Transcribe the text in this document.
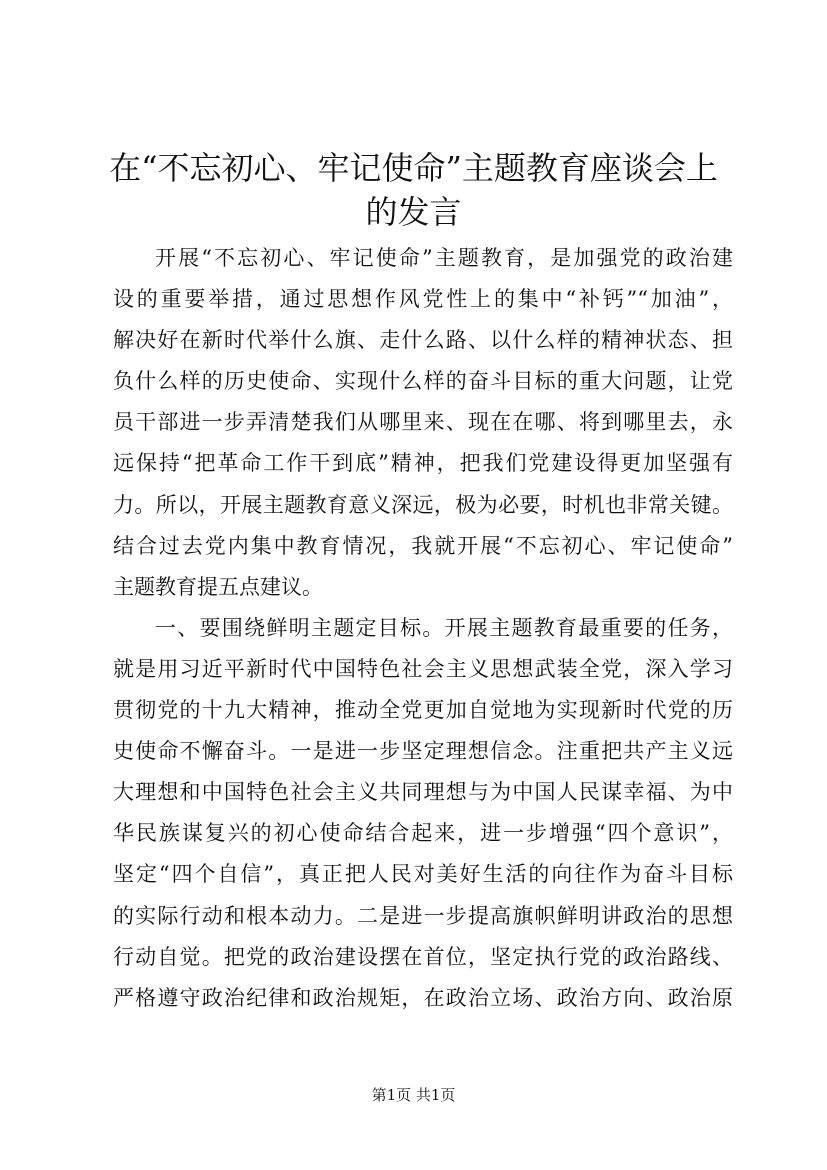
在“不忘初心、牢记使命”主题教育座谈会上
的发言
开展“不忘初心、牢记使命”主题教育，是加强党的政治建
设的重要举措，通过思想作风党性上的集中“补钙”“加油”，
解决好在新时代举什么旗、走什么路、以什么样的精神状态、担
负什么样的历史使命、实现什么样的奋斗目标的重大问题，让党
员干部进一步弄清楚我们从哪里来、现在在哪、将到哪里去，永
远保持“把革命工作干到底”精神，把我们党建设得更加坚强有
力。所以，开展主题教育意义深远，极为必要，时机也非常关键。
结合过去党内集中教育情况，我就开展“不忘初心、牢记使命”
主题教育提五点建议。
一、要围绕鲜明主题定目标。开展主题教育最重要的任务，
就是用习近平新时代中国特色社会主义思想武装全党，深入学习
贯彻党的十九大精神，推动全党更加自觉地为实现新时代党的历
史使命不懈奋斗。一是进一步坚定理想信念。注重把共产主义远
大理想和中国特色社会主义共同理想与为中国人民谋幸福、为中
华民族谋复兴的初心使命结合起来，进一步增强“四个意识”，
坚定“四个自信”，真正把人民对美好生活的向往作为奋斗目标
的实际行动和根本动力。二是进一步提高旗帜鲜明讲政治的思想
行动自觉。把党的政治建设摆在首位，坚定执行党的政治路线、
严格遵守政治纪律和政治规矩，在政治立场、政治方向、政治原
第1页 共1页
